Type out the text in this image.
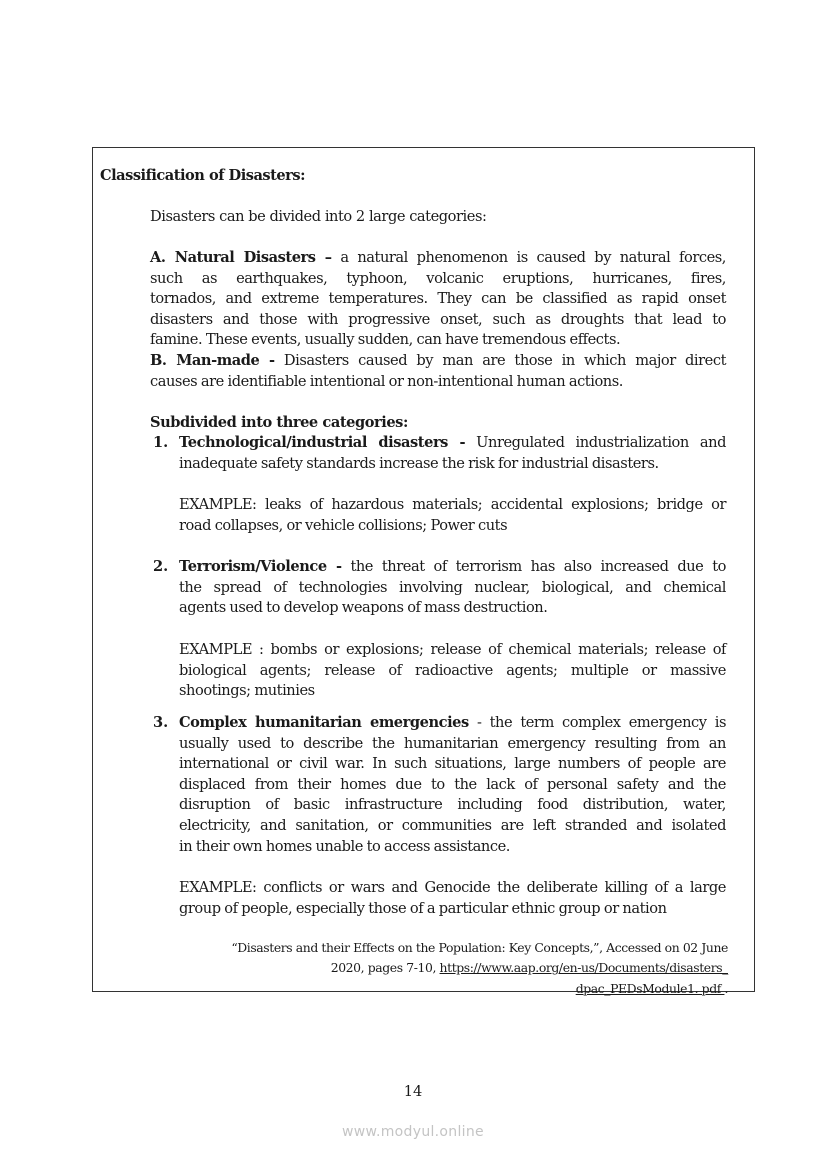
Classification of Disasters:
Disasters can be divided into 2 large categories:
A. Natural Disasters – a natural phenomenon is caused by natural forces,
such as earthquakes, typhoon, volcanic eruptions, hurricanes, fires,
tornados, and extreme temperatures. They can be classified as rapid onset
disasters and those with progressive onset, such as droughts that lead to
famine. These events, usually sudden, can have tremendous effects.
B. Man-made - Disasters caused by man are those in which major direct
causes are identifiable intentional or non-intentional human actions.
Subdivided into three categories:
1. Technological/industrial disasters - Unregulated industrialization and
inadequate safety standards increase the risk for industrial disasters.
EXAMPLE: leaks of hazardous materials; accidental explosions; bridge or
road collapses, or vehicle collisions; Power cuts
2. Terrorism/Violence - the threat of terrorism has also increased due to
the spread of technologies involving nuclear, biological, and chemical
agents used to develop weapons of mass destruction.
EXAMPLE : bombs or explosions; release of chemical materials; release of
biological agents; release of radioactive agents; multiple or massive
shootings; mutinies
3. Complex humanitarian emergencies - the term complex emergency is
usually used to describe the humanitarian emergency resulting from an
international or civil war. In such situations, large numbers of people are
displaced from their homes due to the lack of personal safety and the
disruption of basic infrastructure including food distribution, water,
electricity, and sanitation, or communities are left stranded and isolated
in their own homes unable to access assistance.
EXAMPLE: conflicts or wars and Genocide the deliberate killing of a large
group of people, especially those of a particular ethnic group or nation
“Disasters and their Effects on the Population: Key Concepts,”, Accessed on 02 June
2020, pages 7-10, https://www.aap.org/en-us/Documents/disasters_
dpac_PEDsModule1. pdf .
14
www.modyul.online
